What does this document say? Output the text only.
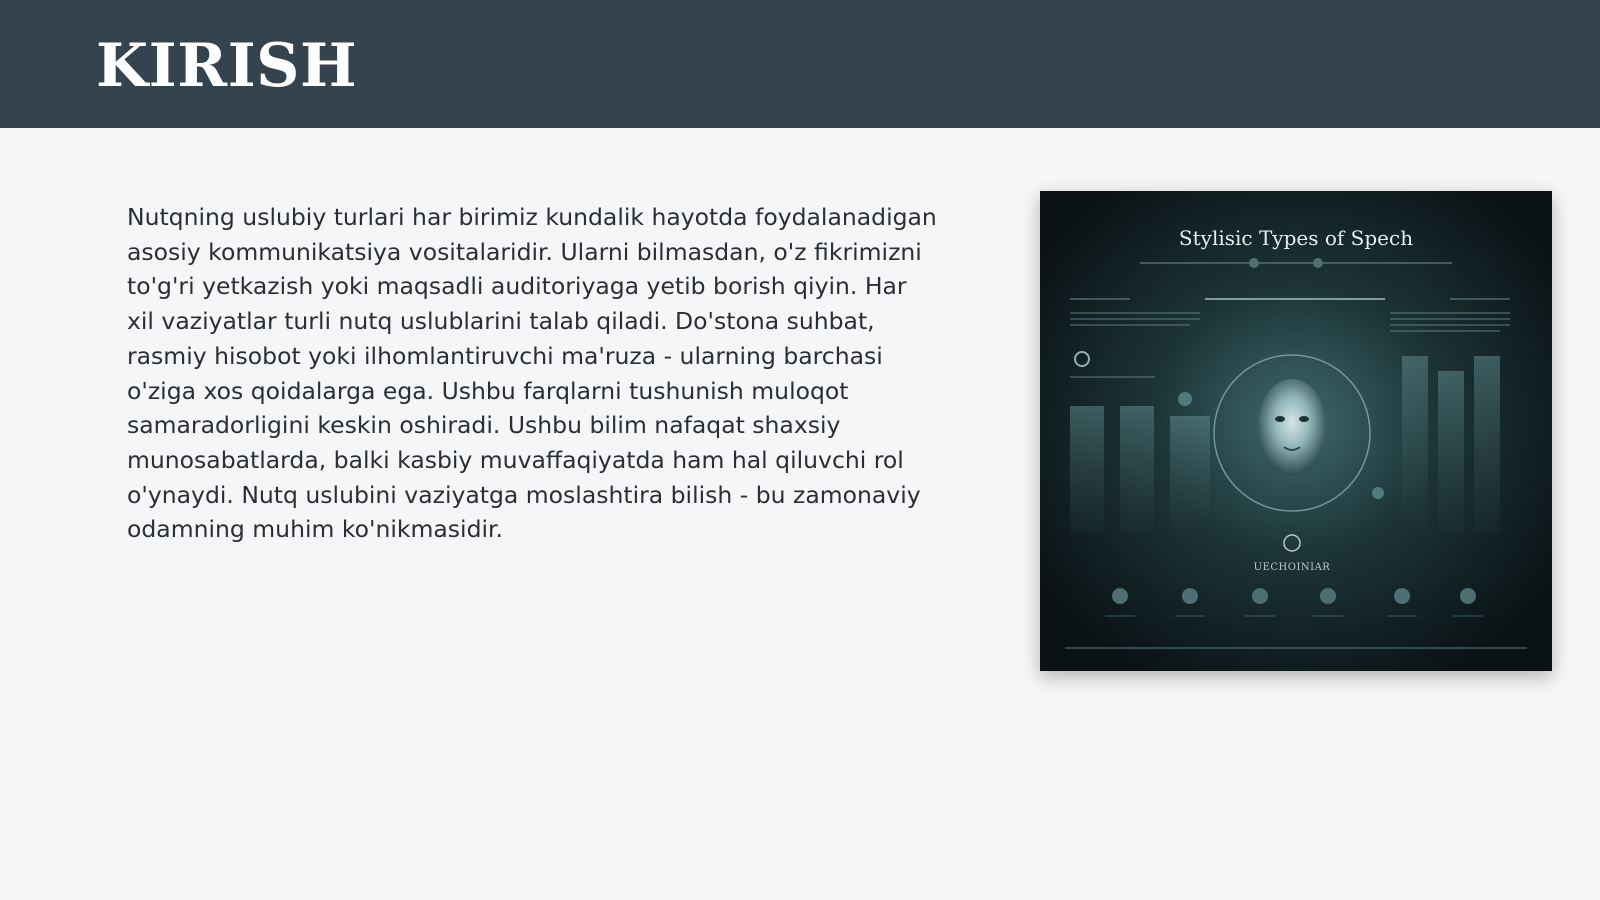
KIRISH

Nutqning uslubiy turlari har birimiz kundalik hayotda foydalanadigan asosiy kommunikatsiya vositalaridir. Ularni bilmasdan, o'z fikrimizni to'g'ri yetkazish yoki maqsadli auditoriyaga yetib borish qiyin. Har xil vaziyatlar turli nutq uslublarini talab qiladi. Do'stona suhbat, rasmiy hisobot yoki ilhomlantiruvchi ma'ruza - ularning barchasi o'ziga xos qoidalarga ega. Ushbu farqlarni tushunish muloqot samaradorligini keskin oshiradi. Ushbu bilim nafaqat shaxsiy munosabatlarda, balki kasbiy muvaffaqiyatda ham hal qiluvchi rol o'ynaydi. Nutq uslubini vaziyatga moslashtira bilish - bu zamonaviy odamning muhim ko'nikmasidir.

Stylisic Types of Spech
UECHOINIAR
